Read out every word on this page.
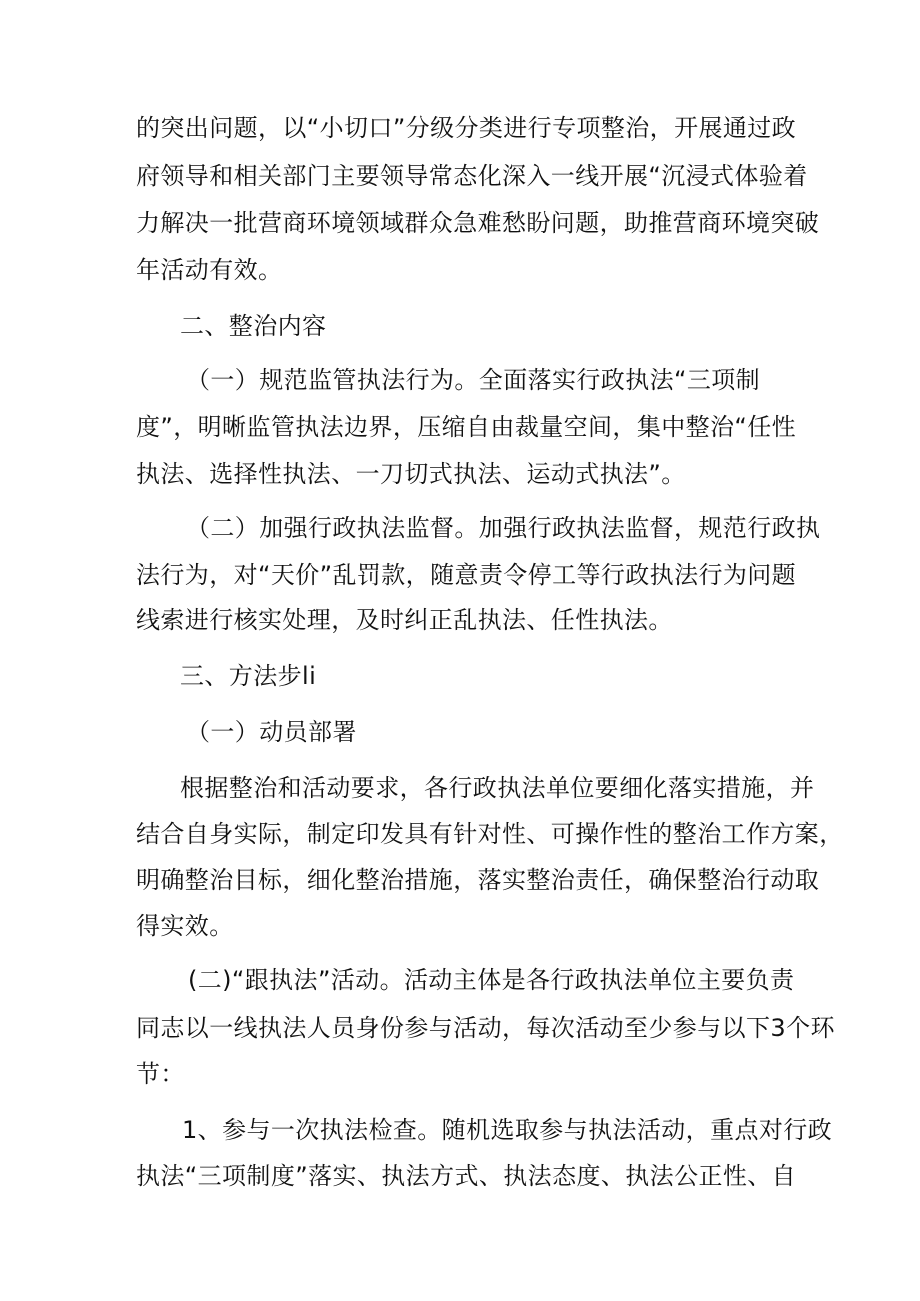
的突出问题，以“小切口”分级分类进行专项整治，开展通过政

府领导和相关部门主要领导常态化深入一线开展“沉浸式体验着

力解决一批营商环境领域群众急难愁盼问题，助推营商环境突破

年活动有效。

二、整治内容

（一）规范监管执法行为。全面落实行政执法“三项制

度”，明晰监管执法边界，压缩自由裁量空间，集中整治“任性

执法、选择性执法、一刀切式执法、运动式执法”。

（二）加强行政执法监督。加强行政执法监督，规范行政执

法行为，对“天价”乱罚款，随意责令停工等行政执法行为问题

线索进行核实处理，及时纠正乱执法、任性执法。

三、方法步li

（一）动员部署

根据整治和活动要求，各行政执法单位要细化落实措施，并

结合自身实际，制定印发具有针对性、可操作性的整治工作方案，

明确整治目标，细化整治措施，落实整治责任，确保整治行动取

得实效。

(二)“跟执法”活动。活动主体是各行政执法单位主要负责

同志以一线执法人员身份参与活动，每次活动至少参与以下3个环

节：

1、参与一次执法检查。随机选取参与执法活动，重点对行政

执法“三项制度”落实、执法方式、执法态度、执法公正性、自
